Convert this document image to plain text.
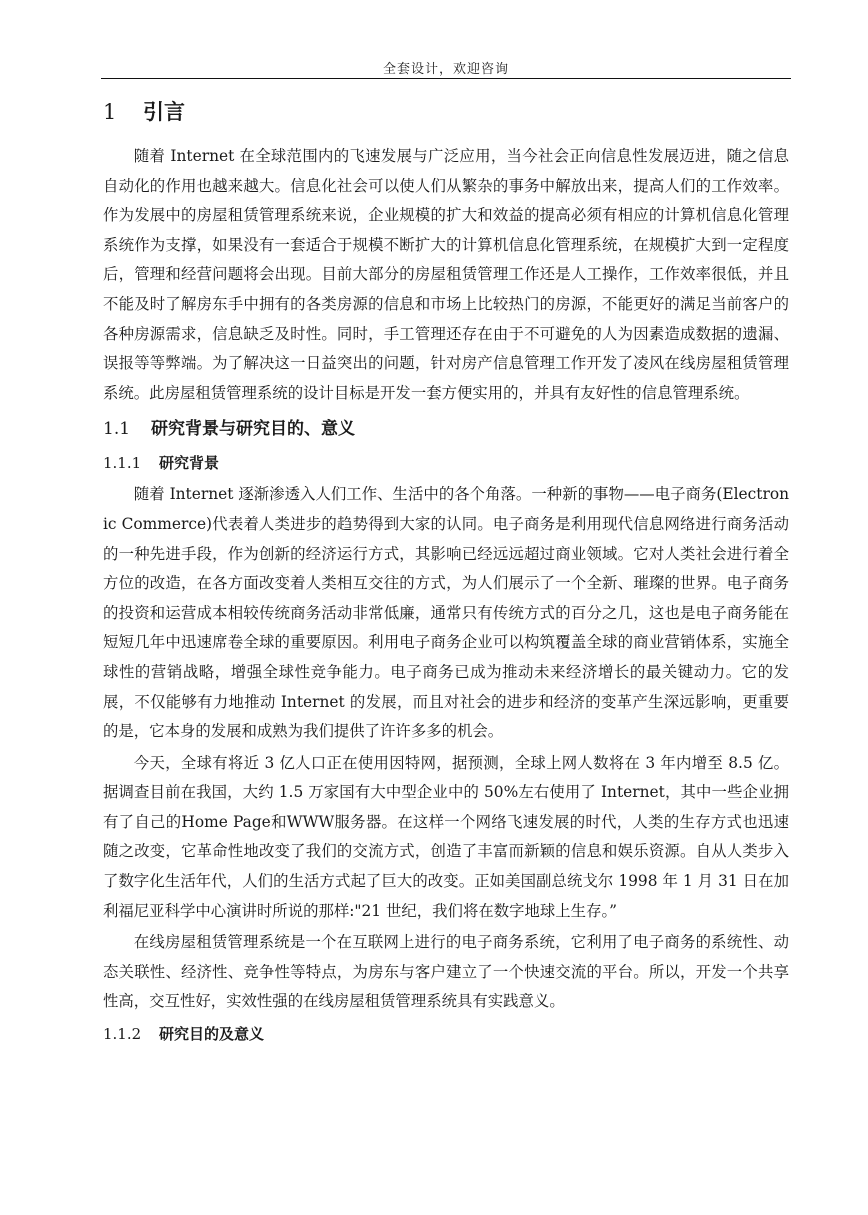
全套设计，欢迎咨询
1 引言

随着 Internet 在全球范围内的飞速发展与广泛应用，当今社会正向信息性发展迈进，随之信息自动化的作用也越来越大。信息化社会可以使人们从繁杂的事务中解放出来，提高人们的工作效率。作为发展中的房屋租赁管理系统来说，企业规模的扩大和效益的提高必须有相应的计算机信息化管理系统作为支撑，如果没有一套适合于规模不断扩大的计算机信息化管理系统，在规模扩大到一定程度后，管理和经营问题将会出现。目前大部分的房屋租赁管理工作还是人工操作，工作效率很低，并且不能及时了解房东手中拥有的各类房源的信息和市场上比较热门的房源，不能更好的满足当前客户的各种房源需求，信息缺乏及时性。同时，手工管理还存在由于不可避免的人为因素造成数据的遗漏、误报等等弊端。为了解决这一日益突出的问题，针对房产信息管理工作开发了凌风在线房屋租赁管理系统。此房屋租赁管理系统的设计目标是开发一套方便实用的，并具有友好性的信息管理系统。

1.1 研究背景与研究目的、意义
1.1.1 研究背景

随着 Internet 逐渐渗透入人们工作、生活中的各个角落。一种新的事物——电子商务(Electronic Commerce)代表着人类进步的趋势得到大家的认同。电子商务是利用现代信息网络进行商务活动的一种先进手段，作为创新的经济运行方式，其影响已经远远超过商业领域。它对人类社会进行着全方位的改造，在各方面改变着人类相互交往的方式，为人们展示了一个全新、璀璨的世界。电子商务的投资和运营成本相较传统商务活动非常低廉，通常只有传统方式的百分之几，这也是电子商务能在短短几年中迅速席卷全球的重要原因。利用电子商务企业可以构筑覆盖全球的商业营销体系，实施全球性的营销战略，增强全球性竞争能力。电子商务已成为推动未来经济增长的最关键动力。它的发展，不仅能够有力地推动 Internet 的发展，而且对社会的进步和经济的变革产生深远影响，更重要的是，它本身的发展和成熟为我们提供了许许多多的机会。

今天，全球有将近 3 亿人口正在使用因特网，据预测，全球上网人数将在 3 年内增至 8.5 亿。据调查目前在我国，大约 1.5 万家国有大中型企业中的 50%左右使用了 Internet，其中一些企业拥有了自己的Home Page和WWW服务器。在这样一个网络飞速发展的时代，人类的生存方式也迅速随之改变，它革命性地改变了我们的交流方式，创造了丰富而新颖的信息和娱乐资源。自从人类步入了数字化生活年代，人们的生活方式起了巨大的改变。正如美国副总统戈尔 1998 年 1 月 31 日在加利福尼亚科学中心演讲时所说的那样:"21 世纪，我们将在数字地球上生存。”

在线房屋租赁管理系统是一个在互联网上进行的电子商务系统，它利用了电子商务的系统性、动态关联性、经济性、竞争性等特点，为房东与客户建立了一个快速交流的平台。所以，开发一个共享性高，交互性好，实效性强的在线房屋租赁管理系统具有实践意义。

1.1.2 研究目的及意义
